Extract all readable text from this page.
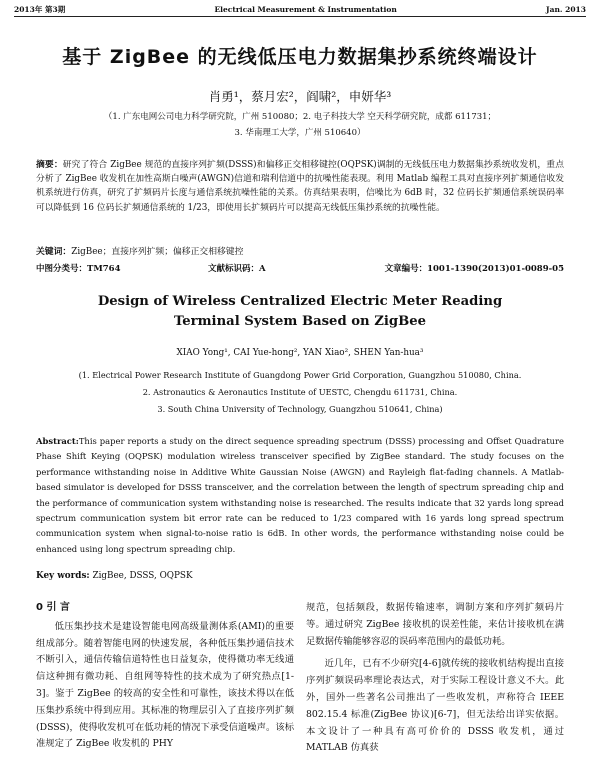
2013年 第3期	Electrical Measurement & Instrumentation	Jan. 2013
基于 ZigBee 的无线低压电力数据集抄系统终端设计
肖勇¹，蔡月宏²，阎啸²，申妍华³
（1. 广东电网公司电力科学研究院，广州 510080；2. 电子科技大学 空天科学研究院，成都 611731；
3. 华南理工大学，广州 510640）
摘要：研究了符合 ZigBee 规范的直接序列扩频(DSSS)和偏移正交相移键控(OQPSK)调制的无线低压电力数据集抄系统收发机，重点分析了 ZigBee 收发机在加性高斯白噪声(AWGN)信道和瑞利信道中的抗噪性能表现。利用 Matlab 编程工具对直接序列扩频通信收发机系统进行仿真，研究了扩频码片长度与通信系统抗噪性能的关系。仿真结果表明，信噪比为 6dB 时，32 位码长扩频通信系统误码率可以降低到 16 位码长扩频通信系统的 1/23，即使用长扩频码片可以提高无线低压集抄系统的抗噪性能。
关键词：ZigBee；直接序列扩频；偏移正交相移键控
中图分类号：TM764	文献标识码：A	文章编号：1001-1390(2013)01-0089-05
Design of Wireless Centralized Electric Meter Reading
Terminal System Based on ZigBee
XIAO Yong¹, CAI Yue-hong², YAN Xiao², SHEN Yan-hua³
(1. Electrical Power Research Institute of Guangdong Power Grid Corporation, Guangzhou 510080, China.
2. Astronautics & Aeronautics Institute of UESTC, Chengdu 611731, China.
3. South China University of Technology, Guangzhou 510641, China)
Abstract:This paper reports a study on the direct sequence spreading spectrum (DSSS) processing and Offset Quadrature Phase Shift Keying (OQPSK) modulation wireless transceiver specified by ZigBee standard. The study focuses on the performance withstanding noise in Additive White Gaussian Noise (AWGN) and Rayleigh flat-fading channels. A Matlab-based simulator is developed for DSSS transceiver, and the correlation between the length of spectrum spreading chip and the performance of communication system withstanding noise is researched. The results indicate that 32 yards long spread spectrum communication system bit error rate can be reduced to 1/23 compared with 16 yards long spread spectrum communication system when signal-to-noise ratio is 6dB. In other words, the performance withstanding noise could be enhanced using long spectrum spreading chip.
Key words: ZigBee, DSSS, OQPSK
0 引 言
低压集抄技术是建设智能电网高级量测体系(AMI)的重要组成部分。随着智能电网的快速发展，各种低压集抄通信技术不断引入，通信传输信道特性也日益复杂，使得微功率无线通信这种拥有微功耗、自组网等特性的技术成为了研究热点[1-3]。鉴于 ZigBee 的较高的安全性和可靠性，该技术得以在低压集抄系统中得到应用。其标准的物理层引入了直接序列扩频(DSSS)，使得收发机可在低功耗的情况下承受信道噪声。该标准规定了 ZigBee 收发机的 PHY
规范，包括频段，数据传输速率，调制方案和序列扩频码片等。通过研究 ZigBee 接收机的误差性能，来估计接收机在满足数据传输能够容忍的误码率范围内的最低功耗。
近几年，已有不少研究[4-6]就传统的接收机结构提出直接序列扩频误码率理论表达式，对于实际工程设计意义不大。此外，国外一些著名公司推出了一些收发机，声称符合 IEEE 802.15.4 标准(ZigBee 协议)[6-7]，但无法给出详实依据。本文设计了一种具有高可价价的 DSSS 收发机，通过 MATLAB 仿真获
